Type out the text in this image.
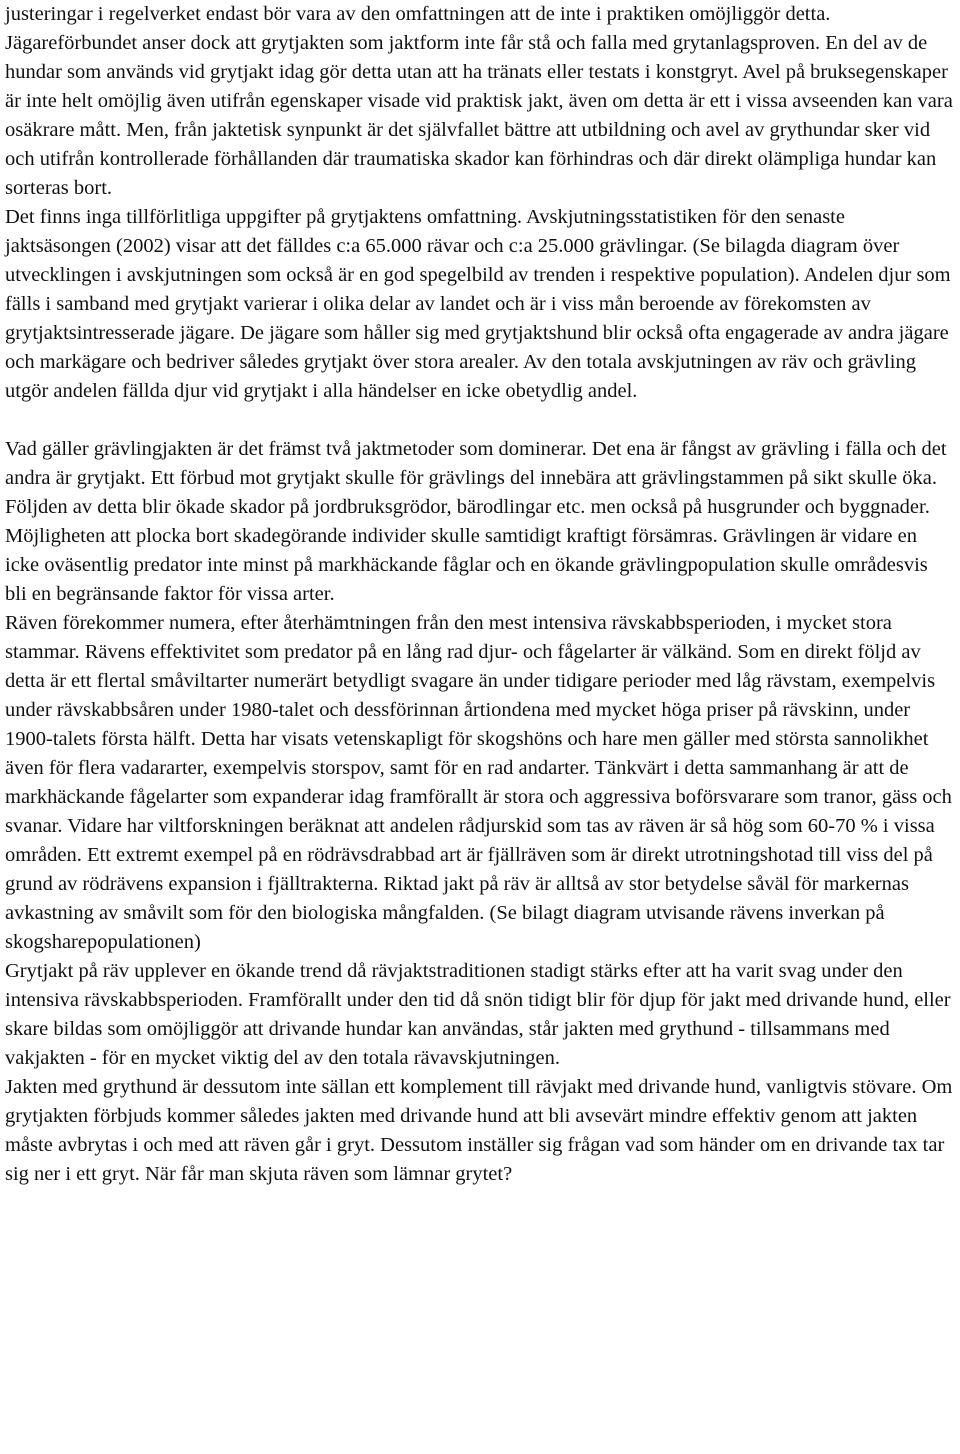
justeringar i regelverket endast bör vara av den omfattningen att de inte i praktiken omöjliggör detta.

Jägareförbundet anser dock att grytjakten som jaktform inte får stå och falla med grytanlagsproven. En del av de hundar som används vid grytjakt idag gör detta utan att ha tränats eller testats i konstgryt. Avel på bruksegenskaper är inte helt omöjlig även utifrån egenskaper visade vid praktisk jakt, även om detta är ett i vissa avseenden kan vara osäkrare mått. Men, från jaktetisk synpunkt är det självfallet bättre att utbildning och avel av grythundar sker vid och utifrån kontrollerade förhållanden där traumatiska skador kan förhindras och där direkt olämpliga hundar kan sorteras bort.

Det finns inga tillförlitliga uppgifter på grytjaktens omfattning. Avskjutningsstatistiken för den senaste jaktsäsongen (2002) visar att det fälldes c:a 65.000 rävar och c:a 25.000 grävlingar. (Se bilagda diagram över utvecklingen i avskjutningen som också är en god spegelbild av trenden i respektive population). Andelen djur som fälls i samband med grytjakt varierar i olika delar av landet och är i viss mån beroende av förekomsten av grytjaktsintresserade jägare. De jägare som håller sig med grytjaktshund blir också ofta engagerade av andra jägare och markägare och bedriver således grytjakt över stora arealer. Av den totala avskjutningen av räv och grävling utgör andelen fällda djur vid grytjakt i alla händelser en icke obetydlig andel.

Vad gäller grävlingjakten är det främst två jaktmetoder som dominerar. Det ena är fångst av grävling i fälla och det andra är grytjakt. Ett förbud mot grytjakt skulle för grävlings del innebära att grävlingstammen på sikt skulle öka. Följden av detta blir ökade skador på jordbruksgrödor, bärodlingar etc. men också på husgrunder och byggnader. Möjligheten att plocka bort skadegörande individer skulle samtidigt kraftigt försämras. Grävlingen är vidare en icke oväsentlig predator inte minst på markhäckande fåglar och en ökande grävlingpopulation skulle områdesvis bli en begränsande faktor för vissa arter.

Räven förekommer numera, efter återhämtningen från den mest intensiva rävskabbsperioden, i mycket stora stammar. Rävens effektivitet som predator på en lång rad djur- och fågelarter är välkänd. Som en direkt följd av detta är ett flertal småviltarter numerärt betydligt svagare än under tidigare perioder med låg rävstam, exempelvis under rävskabbsåren under 1980-talet och dessförinnan årtiondena med mycket höga priser på rävskinn, under 1900-talets första hälft. Detta har visats vetenskapligt för skogshöns och hare men gäller med största sannolikhet även för flera vadararter, exempelvis storspov, samt för en rad andarter. Tänkvärt i detta sammanhang är att de markhäckande fågelarter som expanderar idag framförallt är stora och aggressiva boförsvarare som tranor, gäss och svanar. Vidare har viltforskningen beräknat att andelen rådjurskid som tas av räven är så hög som 60-70 % i vissa områden. Ett extremt exempel på en rödrävsdrabbad art är fjällräven som är direkt utrotningshotad till viss del på grund av rödrävens expansion i fjälltrakterna. Riktad jakt på räv är alltså av stor betydelse såväl för markernas avkastning av småvilt som för den biologiska mångfalden. (Se bilagt diagram utvisande rävens inverkan på skogsharepopulationen)

Grytjakt på räv upplever en ökande trend då rävjaktstraditionen stadigt stärks efter att ha varit svag under den intensiva rävskabbsperioden. Framförallt under den tid då snön tidigt blir för djup för jakt med drivande hund, eller skare bildas som omöjliggör att drivande hundar kan användas, står jakten med grythund - tillsammans med vakjakten - för en mycket viktig del av den totala rävavskjutningen.

Jakten med grythund är dessutom inte sällan ett komplement till rävjakt med drivande hund, vanligtvis stövare. Om grytjakten förbjuds kommer således jakten med drivande hund att bli avsevärt mindre effektiv genom att jakten måste avbrytas i och med att räven går i gryt. Dessutom inställer sig frågan vad som händer om en drivande tax tar sig ner i ett gryt. När får man skjuta räven som lämnar grytet?
